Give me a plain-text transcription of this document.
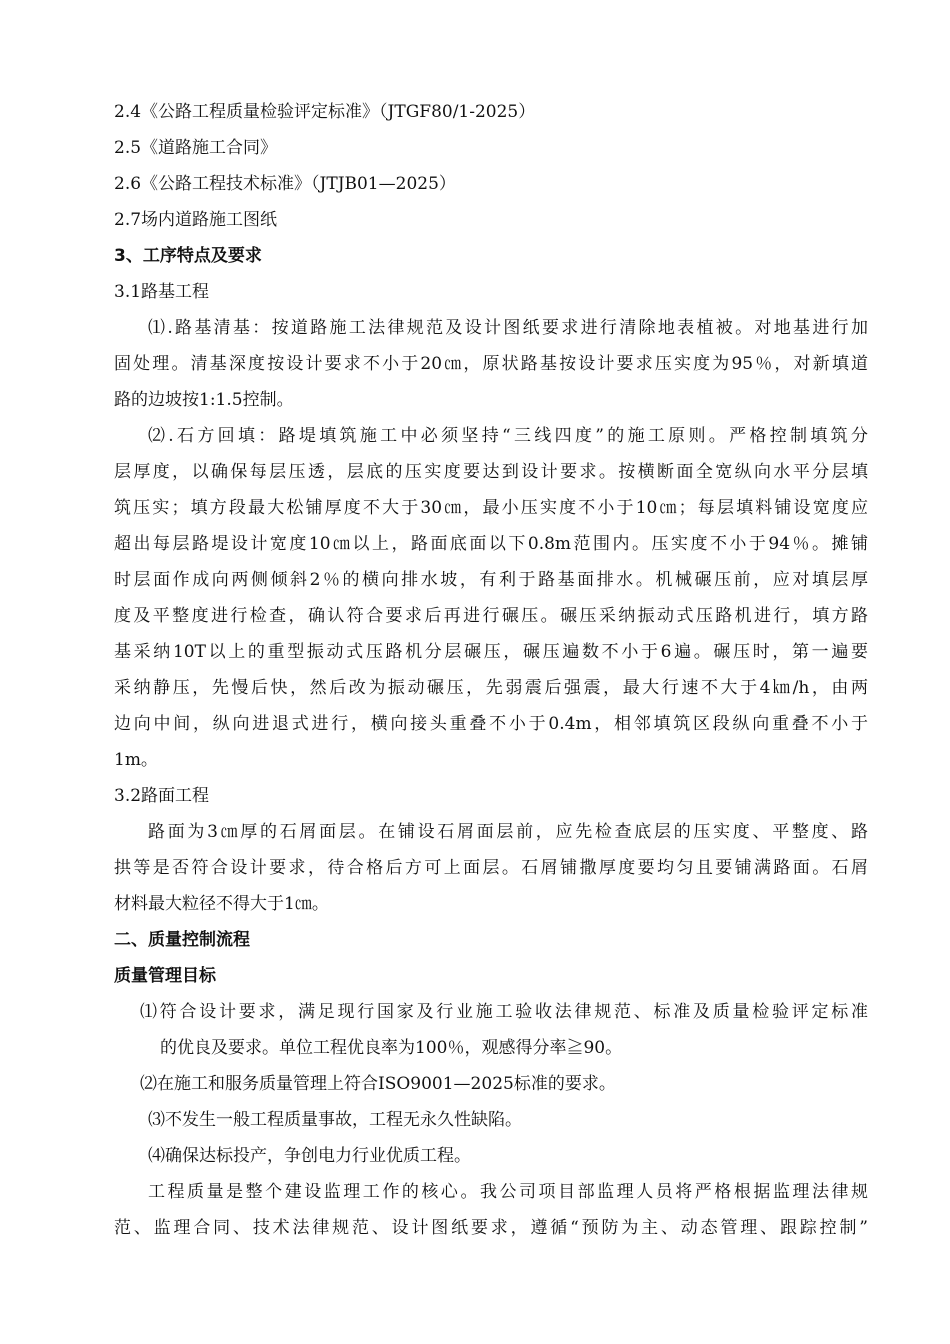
2.4《公路工程质量检验评定标准》（JTGF80/1-2025）
2.5《道路施工合同》
2.6《公路工程技术标准》（JTJB01—2025）
2.7场内道路施工图纸
3、工序特点及要求
3.1路基工程
⑴.路基清基：按道路施工法律规范及设计图纸要求进行清除地表植被。对地基进行加
固处理。清基深度按设计要求不小于20㎝，原状路基按设计要求压实度为95％，对新填道
路的边坡按1:1.5控制。
⑵.石方回填：路堤填筑施工中必须坚持“三线四度”的施工原则。严格控制填筑分
层厚度，以确保每层压透，层底的压实度要达到设计要求。按横断面全宽纵向水平分层填
筑压实；填方段最大松铺厚度不大于30㎝，最小压实度不小于10㎝；每层填料铺设宽度应
超出每层路堤设计宽度10㎝以上，路面底面以下0.8m范围内。压实度不小于94％。摊铺
时层面作成向两侧倾斜2％的横向排水坡，有利于路基面排水。机械碾压前，应对填层厚
度及平整度进行检查，确认符合要求后再进行碾压。碾压采纳振动式压路机进行，填方路
基采纳10T以上的重型振动式压路机分层碾压，碾压遍数不小于6遍。碾压时，第一遍要
采纳静压，先慢后快，然后改为振动碾压，先弱震后强震，最大行速不大于4㎞/h，由两
边向中间，纵向进退式进行，横向接头重叠不小于0.4m，相邻填筑区段纵向重叠不小于
1m。
3.2路面工程
路面为3㎝厚的石屑面层。在铺设石屑面层前，应先检查底层的压实度、平整度、路
拱等是否符合设计要求，待合格后方可上面层。石屑铺撒厚度要均匀且要铺满路面。石屑
材料最大粒径不得大于1㎝。
二、质量控制流程
质量管理目标
⑴符合设计要求，满足现行国家及行业施工验收法律规范、标准及质量检验评定标准
的优良及要求。单位工程优良率为100％，观感得分率≧90。
⑵在施工和服务质量管理上符合ISO9001—2025标准的要求。
⑶不发生一般工程质量事故，工程无永久性缺陷。
⑷确保达标投产，争创电力行业优质工程。
工程质量是整个建设监理工作的核心。我公司项目部监理人员将严格根据监理法律规
范、监理合同、技术法律规范、设计图纸要求，遵循“预防为主、动态管理、跟踪控制”
